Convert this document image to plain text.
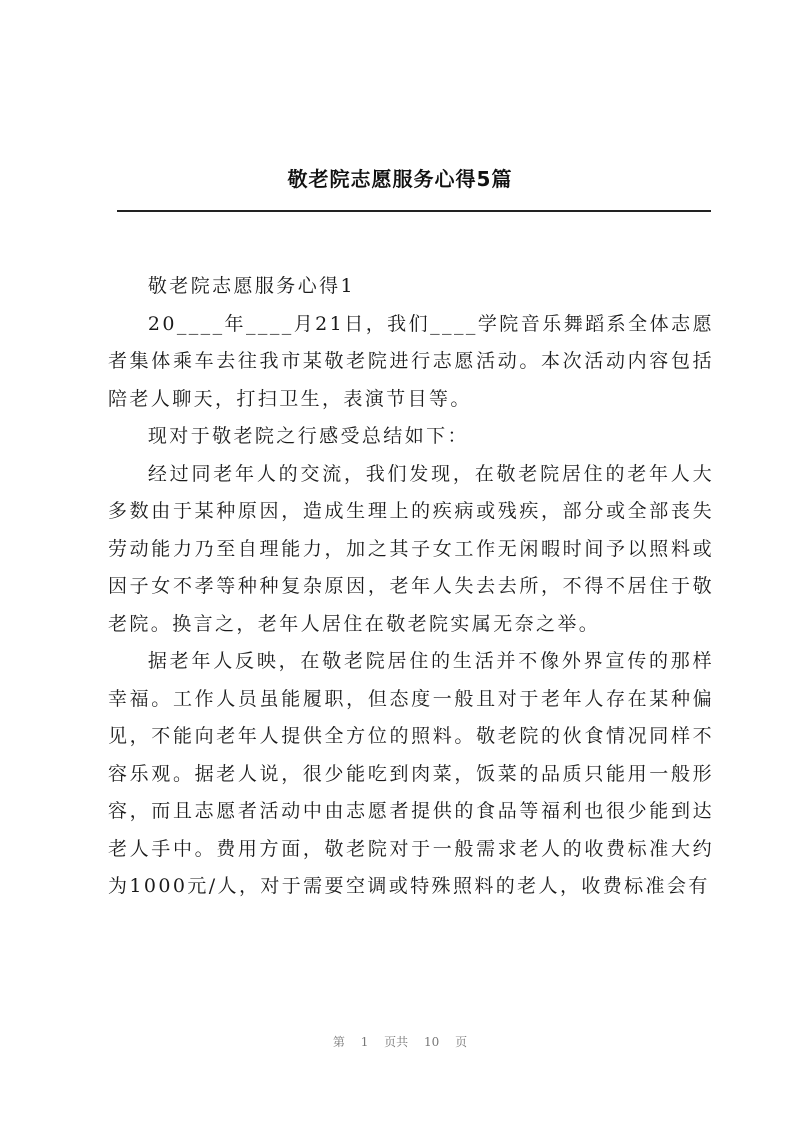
敬老院志愿服务心得5篇

敬老院志愿服务心得1

20____年____月21日，我们____学院音乐舞蹈系全体志愿者集体乘车去往我市某敬老院进行志愿活动。本次活动内容包括陪老人聊天，打扫卫生，表演节目等。

现对于敬老院之行感受总结如下：

经过同老年人的交流，我们发现，在敬老院居住的老年人大多数由于某种原因，造成生理上的疾病或残疾，部分或全部丧失劳动能力乃至自理能力，加之其子女工作无闲暇时间予以照料或因子女不孝等种种复杂原因，老年人失去去所，不得不居住于敬老院。换言之，老年人居住在敬老院实属无奈之举。

据老年人反映，在敬老院居住的生活并不像外界宣传的那样幸福。工作人员虽能履职，但态度一般且对于老年人存在某种偏见，不能向老年人提供全方位的照料。敬老院的伙食情况同样不容乐观。据老人说，很少能吃到肉菜，饭菜的品质只能用一般形容，而且志愿者活动中由志愿者提供的食品等福利也很少能到达老人手中。费用方面，敬老院对于一般需求老人的收费标准大约为1000元/人，对于需要空调或特殊照料的老人，收费标准会有

第 1 页共 10 页
